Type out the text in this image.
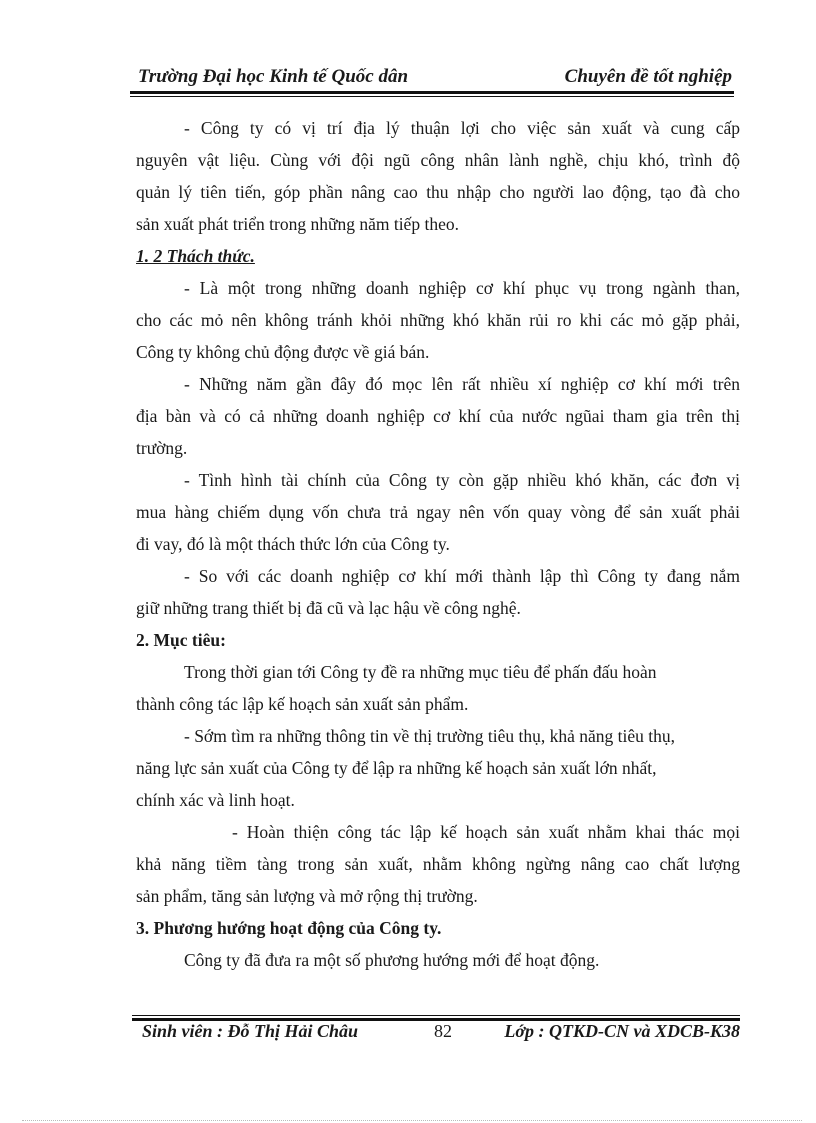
Trường Đại học Kinh tế Quốc dân	Chuyên đề tốt nghiệp

- Công ty có vị trí địa lý thuận lợi cho việc sản xuất và cung cấp
nguyên vật liệu. Cùng với đội ngũ công nhân lành nghề, chịu khó, trình độ
quản lý tiên tiến, góp phần nâng cao thu nhập cho người lao động, tạo đà cho
sản xuất phát triển trong những năm tiếp theo.

1. 2 Thách thức.

- Là một trong những doanh nghiệp cơ khí phục vụ trong ngành than,
cho các mỏ nên không tránh khỏi những khó khăn rủi ro khi các mỏ gặp phải,
Công ty không chủ động được về giá bán.

- Những năm gần đây đó mọc lên rất nhiều xí nghiệp cơ khí mới trên
địa bàn và có cả những doanh nghiệp cơ khí của nước ngũai tham gia trên thị
trường.

- Tình hình tài chính của Công ty còn gặp nhiều khó khăn, các đơn vị
mua hàng chiếm dụng vốn chưa trả ngay nên vốn quay vòng để sản xuất phải
đi vay, đó là một thách thức lớn của Công ty.

- So với các doanh nghiệp cơ khí mới thành lập thì Công ty đang nắm
giữ những trang thiết bị đã cũ và lạc hậu về công nghệ.

2. Mục tiêu:

Trong thời gian tới Công ty đề ra những mục tiêu để phấn đấu hoàn
thành công tác lập kế hoạch sản xuất sản phẩm.

- Sớm tìm ra những thông tin về thị trường tiêu thụ, khả năng tiêu thụ,
năng lực sản xuất của Công ty để lập ra những kế hoạch sản xuất lớn nhất,
chính xác và linh hoạt.

- Hoàn thiện công tác lập kế hoạch sản xuất nhằm khai thác mọi
khả năng tiềm tàng trong sản xuất, nhằm không ngừng nâng cao chất lượng
sản phẩm, tăng sản lượng và mở rộng thị trường.

3. Phương hướng hoạt động của Công ty.

Công ty đã đưa ra một số phương hướng mới để hoạt động.

Sinh viên : Đỗ Thị Hải Châu	82	Lớp : QTKD-CN và XDCB-K38
